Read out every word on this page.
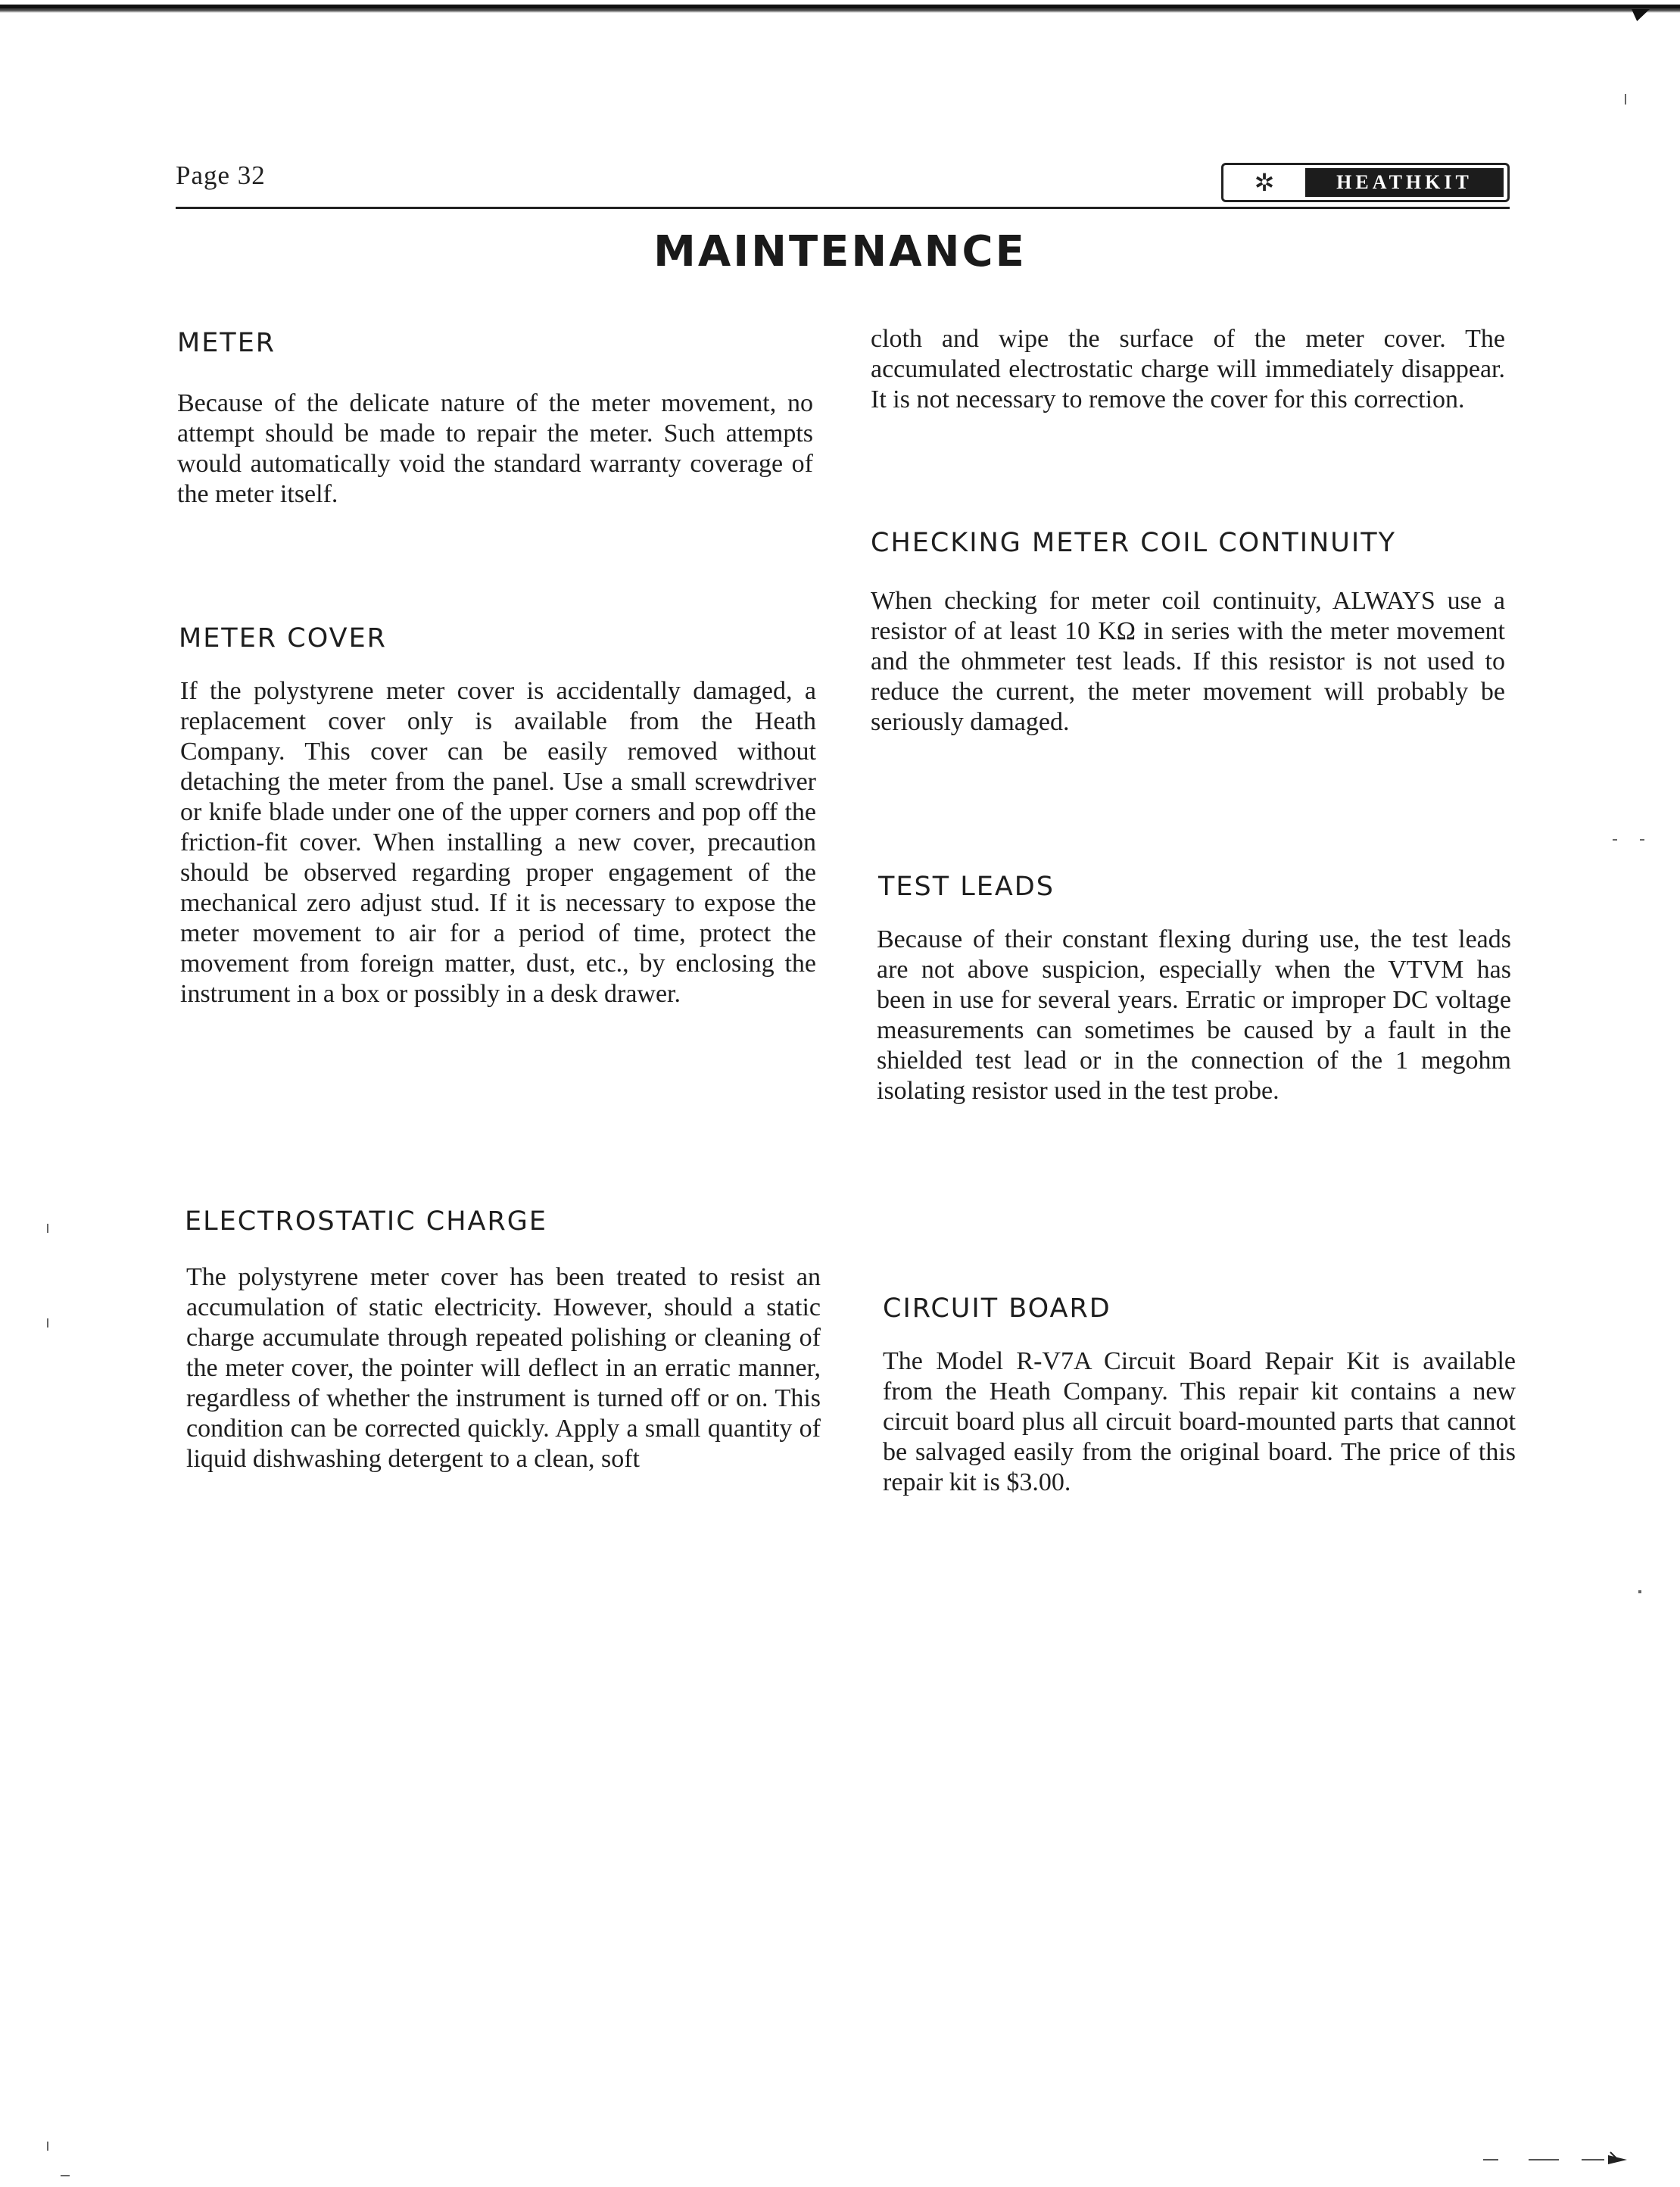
Page 32	✲	HEATHKIT
MAINTENANCE
METER

Because of the delicate nature of the meter movement, no attempt should be made to repair the meter. Such attempts would automatically void the standard warranty coverage of the meter itself.

METER COVER

If the polystyrene meter cover is accidentally damaged, a replacement cover only is available from the Heath Company. This cover can be easily removed without detaching the meter from the panel. Use a small screwdriver or knife blade under one of the upper corners and pop off the friction-fit cover. When installing a new cover, precaution should be observed regarding proper engagement of the mechanical zero adjust stud. If it is necessary to expose the meter movement to air for a period of time, protect the movement from foreign matter, dust, etc., by enclosing the instrument in a box or possibly in a desk drawer.

ELECTROSTATIC CHARGE

The polystyrene meter cover has been treated to resist an accumulation of static electricity. However, should a static charge accumulate through repeated polishing or cleaning of the meter cover, the pointer will deflect in an erratic manner, regardless of whether the instrument is turned off or on. This condition can be corrected quickly. Apply a small quantity of liquid dishwashing detergent to a clean, soft

cloth and wipe the surface of the meter cover. The accumulated electrostatic charge will immediately disappear. It is not necessary to remove the cover for this correction.

CHECKING METER COIL CONTINUITY

When checking for meter coil continuity, ALWAYS use a resistor of at least 10 KΩ in series with the meter movement and the ohmmeter test leads. If this resistor is not used to reduce the current, the meter movement will probably be seriously damaged.

TEST LEADS

Because of their constant flexing during use, the test leads are not above suspicion, especially when the VTVM has been in use for several years. Erratic or improper DC voltage measurements can sometimes be caused by a fault in the shielded test lead or in the connection of the 1 megohm isolating resistor used in the test probe.

CIRCUIT BOARD

The Model R-V7A Circuit Board Repair Kit is available from the Heath Company. This repair kit contains a new circuit board plus all circuit board-mounted parts that cannot be salvaged easily from the original board. The price of this repair kit is $3.00.
